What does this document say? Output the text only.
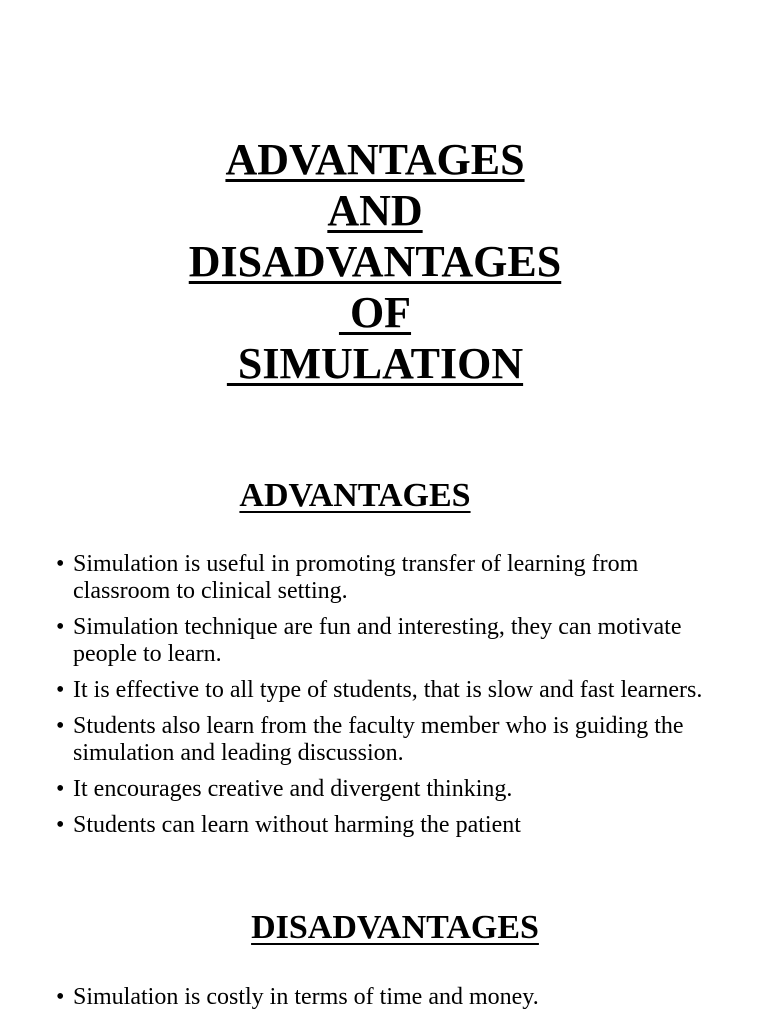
ADVANTAGES
AND
DISADVANTAGES
OF
SIMULATION
ADVANTAGES
• Simulation is useful in promoting transfer of learning from classroom to clinical setting.
• Simulation technique are fun and interesting, they can motivate people to learn.
• It is effective to all type of students, that is slow and fast learners.
• Students also learn from the faculty member who is guiding the simulation and leading discussion.
• It encourages creative and divergent thinking.
• Students can learn without harming the patient
DISADVANTAGES
• Simulation is costly in terms of time and money.
